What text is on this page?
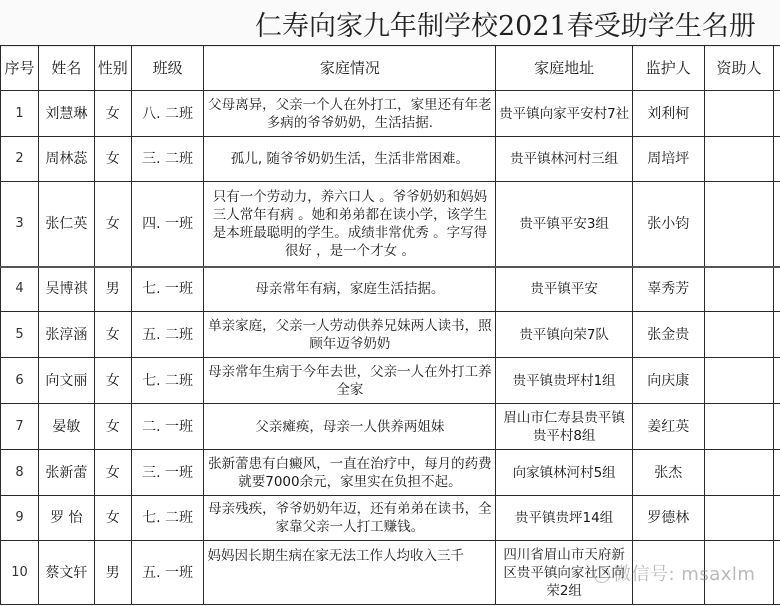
仁寿向家九年制学校2021春受助学生名册
序号	姓名	性别	班级	家庭情况	家庭地址	监护人	资助人	
1	刘慧琳	女	八. 二班	父母离异，父亲一个人在外打工，家里还有年老多病的爷爷奶奶，生活拮据.	贵平镇向家平安村7社	刘利柯		
2	周林蕊	女	三. 二班	孤儿, 随爷爷奶奶生活，生活非常困难。	贵平镇林河村三组	周培坪		
3	张仁英	女	四. 一班	只有一个劳动力，养六口人 。爷爷奶奶和妈妈三人常年有病 。她和弟弟都在读小学，该学生是本班最聪明的学生。成绩非常优秀 。字写得很好 ，是一个才女 。	贵平镇平安3组	张小钧		
4	吴博祺	男	七. 一班	母亲常年有病，家庭生活拮据。	贵平镇平安	辜秀芳		
5	张淳涵	女	五. 二班	单亲家庭，父亲一人劳动供养兄妹两人读书，照顾年迈爷奶奶	贵平镇向荣7队	张金贵		
6	向文丽	女	七. 二班	母亲常年生病于今年去世，父亲一人在外打工养全家	贵平镇贵坪村1组	向庆康		
7	晏敏	女	二. 一班	父亲瘫痪，母亲一人供养两姐妹	眉山市仁寿县贵平镇贵平村8组	姜红英		
8	张新蕾	女	三. 一班	张新蕾患有白癜风，一直在治疗中，每月的药费就要7000余元，家里实在负担不起。	向家镇林河村5组	张杰		
9	罗 怡	女	七. 二班	母亲残疾，爷爷奶奶年迈，还有弟弟在读书，全家靠父亲一人打工赚钱。	贵平镇贵坪14组	罗德林		
10	蔡文轩	男	五. 一班	妈妈因长期生病在家无法工作人均收入三千	四川省眉山市天府新区贵平镇向家社区向荣2组			
微信号: msaxlm
